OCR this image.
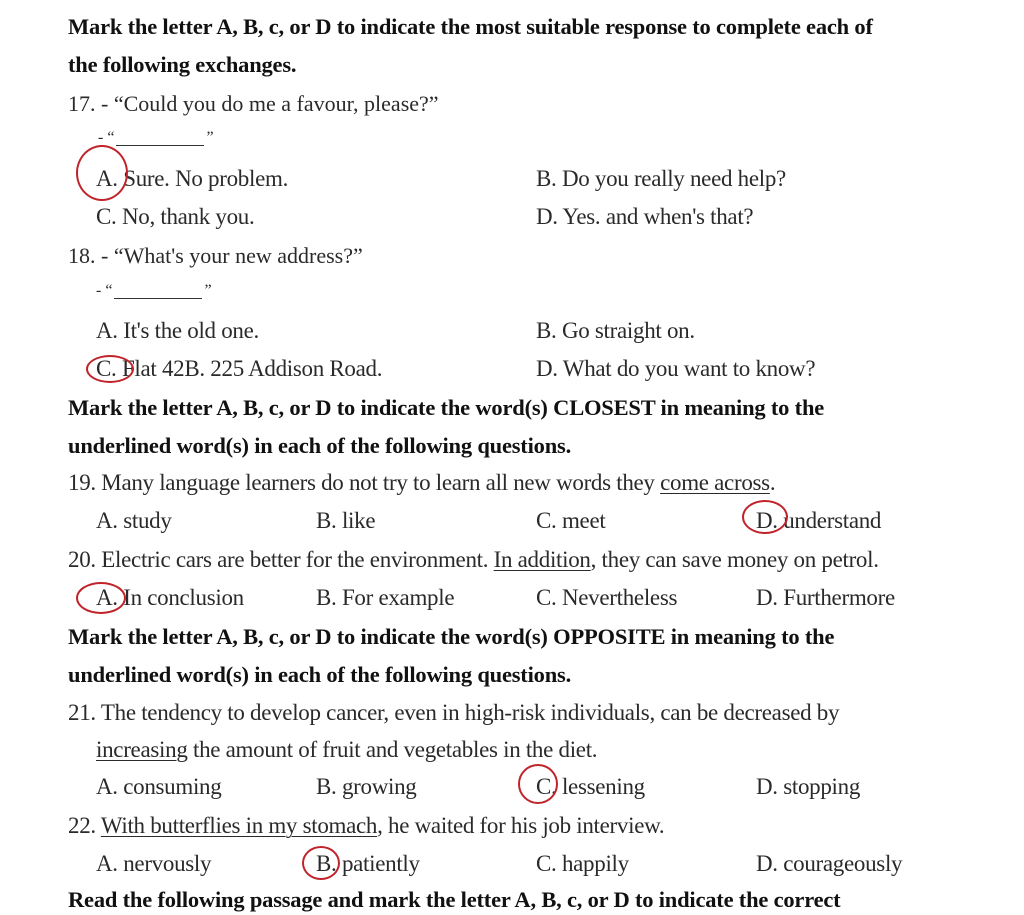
Mark the letter A, B, c, or D to indicate the most suitable response to complete each of
the following exchanges.
17. - “Could you do me a favour, please?”
- “	”
A. Sure. No problem.	B. Do you really need help?
C. No, thank you.	D. Yes. and when's that?
18. - “What's your new address?”
- “	”
A. It's the old one.	B. Go straight on.
C. Flat 42B. 225 Addison Road.	D. What do you want to know?
Mark the letter A, B, c, or D to indicate the word(s) CLOSEST in meaning to the
underlined word(s) in each of the following questions.
19. Many language learners do not try to learn all new words they come across.
A. study	B. like	C. meet	D. understand
20. Electric cars are better for the environment. In addition, they can save money on petrol.
A. In conclusion	B. For example	C. Nevertheless	D. Furthermore
Mark the letter A, B, c, or D to indicate the word(s) OPPOSITE in meaning to the
underlined word(s) in each of the following questions.
21. The tendency to develop cancer, even in high-risk individuals, can be decreased by
increasing the amount of fruit and vegetables in the diet.
A. consuming	B. growing	C. lessening	D. stopping
22. With butterflies in my stomach, he waited for his job interview.
A. nervously	B. patiently	C. happily	D. courageously
Read the following passage and mark the letter A, B, c, or D to indicate the correct
